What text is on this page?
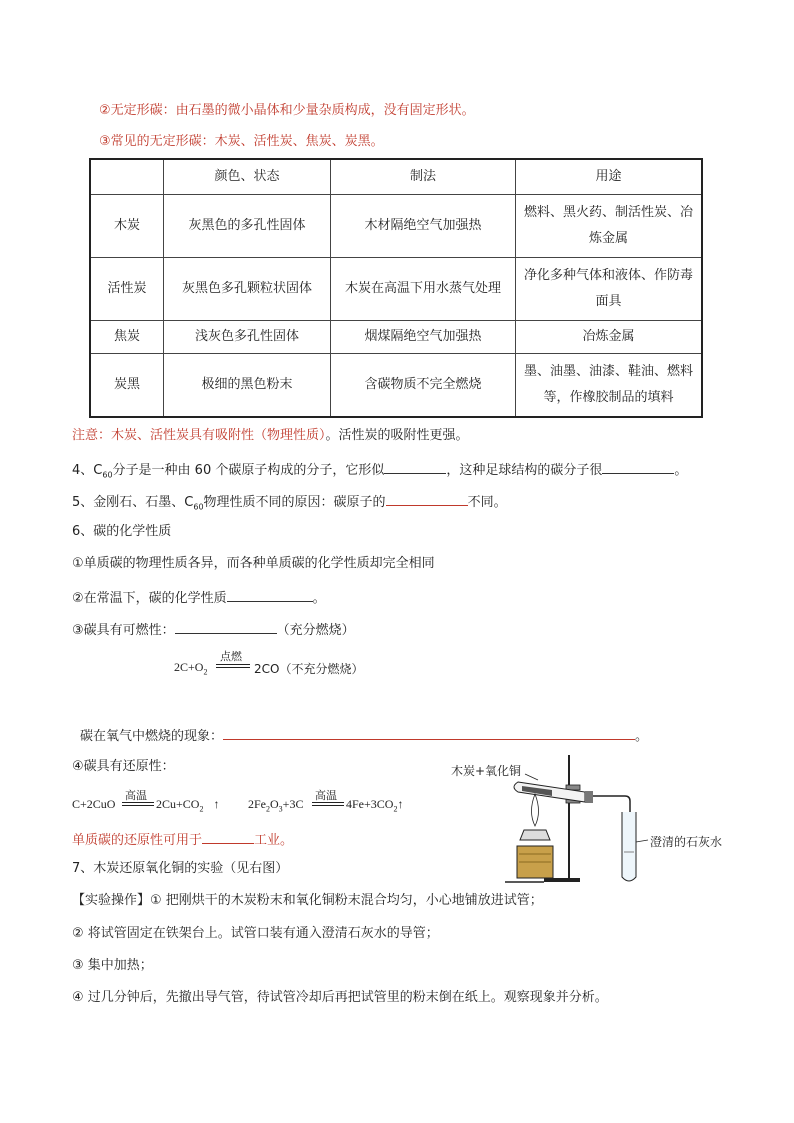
②无定形碳：由石墨的微小晶体和少量杂质构成，没有固定形状。
③常见的无定形碳：木炭、活性炭、焦炭、炭黑。
	颜色、状态	制法	用途
木炭	灰黑色的多孔性固体	木材隔绝空气加强热	燃料、黑火药、制活性炭、冶炼金属
活性炭	灰黑色多孔颗粒状固体	木炭在高温下用水蒸气处理	净化多种气体和液体、作防毒面具
焦炭	浅灰色多孔性固体	烟煤隔绝空气加强热	冶炼金属
炭黑	极细的黑色粉末	含碳物质不完全燃烧	墨、油墨、油漆、鞋油、燃料等，作橡胶制品的填料
注意：木炭、活性炭具有吸附性（物理性质）。活性炭的吸附性更强。
4、$C_{60}$分子是一种由 60 个碳原子构成的分子，它形似	，这种足球结构的碳分子很	。
5、金刚石、石墨、$C_{60}$物理性质不同的原因：碳原子的	不同。
6、碳的化学性质
①单质碳的物理性质各异，而各种单质碳的化学性质却完全相同
②在常温下，碳的化学性质	。
③碳具有可燃性：	（充分燃烧）
$2C+O_2$
点燃
2CO（不充分燃烧）
碳在氧气中燃烧的现象：	。
④碳具有还原性：
C+2CuO
高温
$2Cu+CO_2$ ↑ $2Fe_2O_3+3C$
高温
$4Fe+3CO_2↑$
单质碳的还原性可用于	工业。
7、木炭还原氧化铜的实验（见右图）
【实验操作】① 把刚烘干的木炭粉末和氧化铜粉末混合均匀，小心地铺放进试管；
② 将试管固定在铁架台上。试管口装有通入澄清石灰水的导管；
③ 集中加热；
④ 过几分钟后，先撤出导气管，待试管冷却后再把试管里的粉末倒在纸上。观察现象并分析。
木炭+氧化铜
澄清的石灰水
